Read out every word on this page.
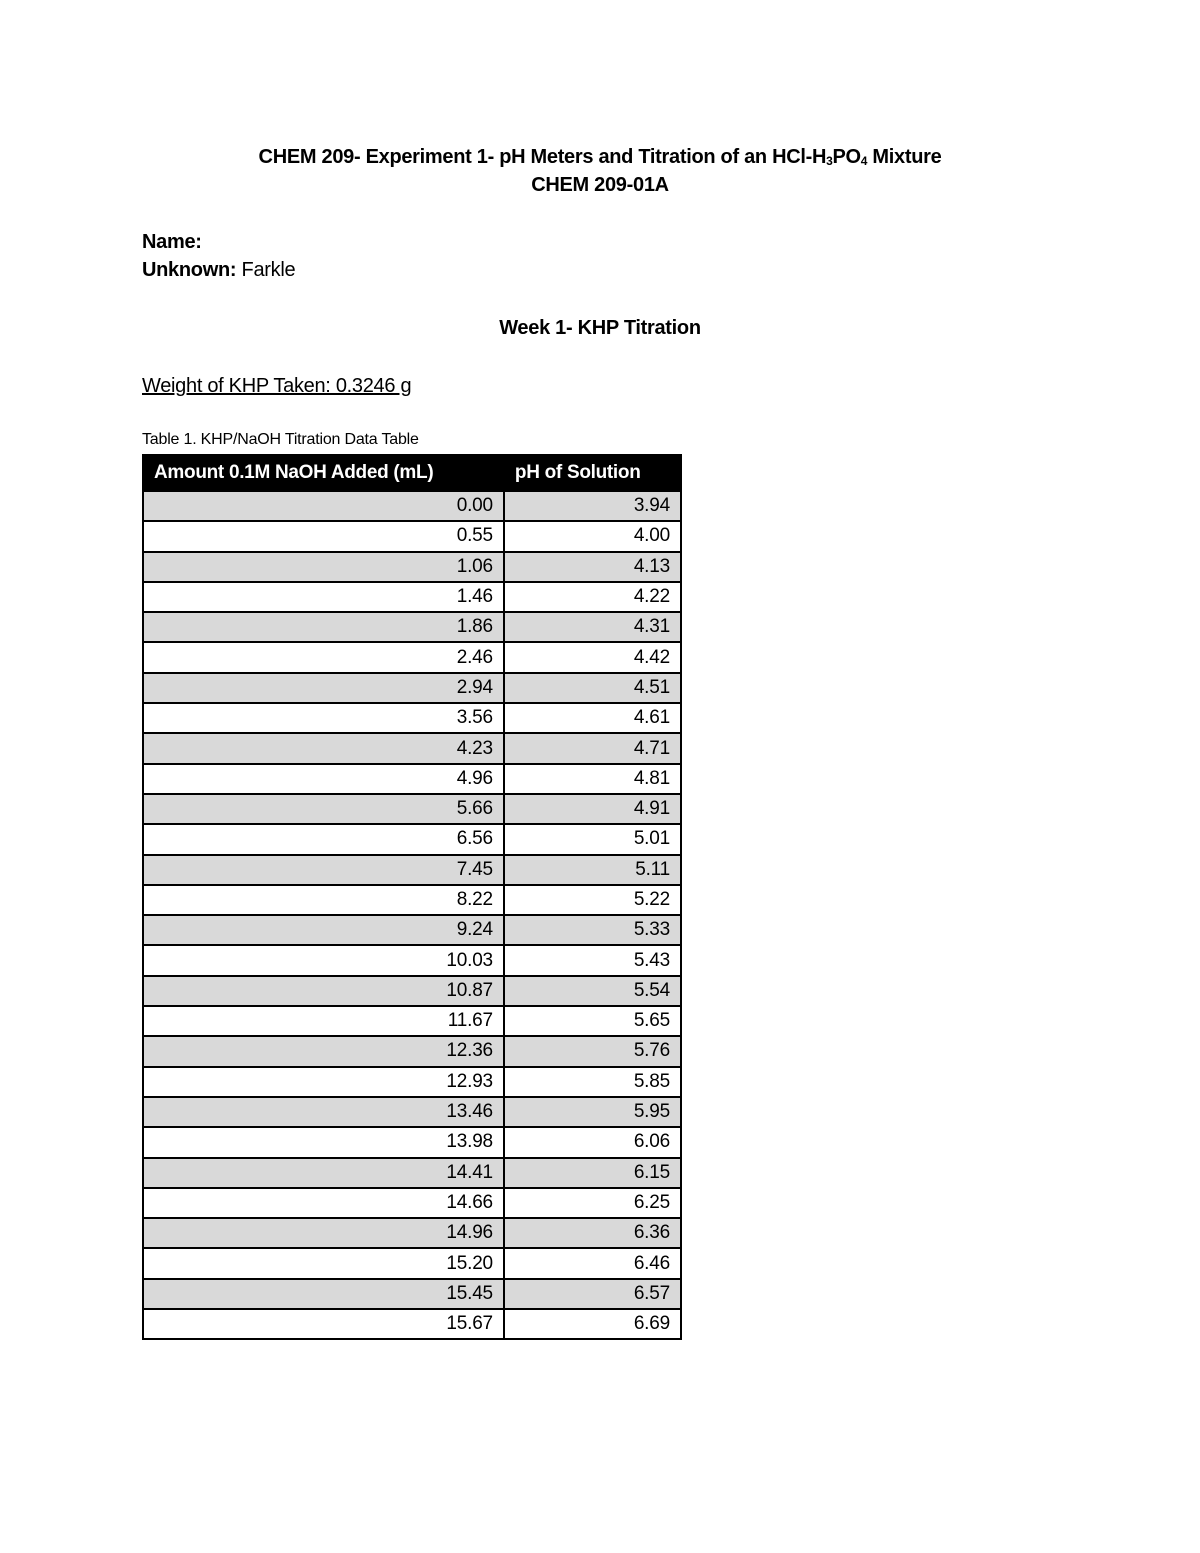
CHEM 209- Experiment 1- pH Meters and Titration of an HCl-$H_3PO_4$ Mixture
CHEM 209-01A
Name:
Unknown: Farkle
Week 1- KHP Titration
Weight of KHP Taken: 0.3246 g
Table 1. KHP/NaOH Titration Data Table
Amount 0.1M NaOH Added (mL)	pH of Solution
0.00	3.94
0.55	4.00
1.06	4.13
1.46	4.22
1.86	4.31
2.46	4.42
2.94	4.51
3.56	4.61
4.23	4.71
4.96	4.81
5.66	4.91
6.56	5.01
7.45	5.11
8.22	5.22
9.24	5.33
10.03	5.43
10.87	5.54
11.67	5.65
12.36	5.76
12.93	5.85
13.46	5.95
13.98	6.06
14.41	6.15
14.66	6.25
14.96	6.36
15.20	6.46
15.45	6.57
15.67	6.69
